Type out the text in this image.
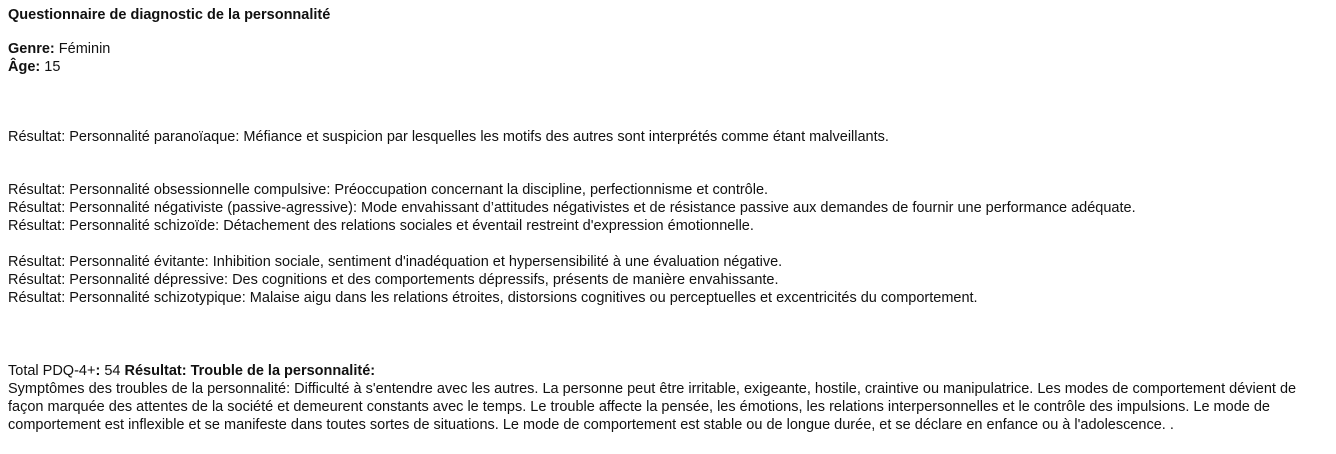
Questionnaire de diagnostic de la personnalité
Genre: Féminin
Âge: 15
Résultat: Personnalité paranoïaque: Méfiance et suspicion par lesquelles les motifs des autres sont interprétés comme étant malveillants.
Résultat: Personnalité obsessionnelle compulsive: Préoccupation concernant la discipline, perfectionnisme et contrôle.
Résultat: Personnalité négativiste (passive-agressive): Mode envahissant d’attitudes négativistes et de résistance passive aux demandes de fournir une performance adéquate.
Résultat: Personnalité schizoïde: Détachement des relations sociales et éventail restreint d'expression émotionnelle.
Résultat: Personnalité évitante: Inhibition sociale, sentiment d'inadéquation et hypersensibilité à une évaluation négative.
Résultat: Personnalité dépressive: Des cognitions et des comportements dépressifs, présents de manière envahissante.
Résultat: Personnalité schizotypique: Malaise aigu dans les relations étroites, distorsions cognitives ou perceptuelles et excentricités du comportement.
Total PDQ-4+: 54 Résultat: Trouble de la personnalité:
Symptômes des troubles de la personnalité: Difficulté à s'entendre avec les autres. La personne peut être irritable, exigeante, hostile, craintive ou manipulatrice. Les modes de comportement dévient de façon marquée des attentes de la société et demeurent constants avec le temps. Le trouble affecte la pensée, les émotions, les relations interpersonnelles et le contrôle des impulsions. Le mode de comportement est inflexible et se manifeste dans toutes sortes de situations. Le mode de comportement est stable ou de longue durée, et se déclare en enfance ou à l'adolescence. .
